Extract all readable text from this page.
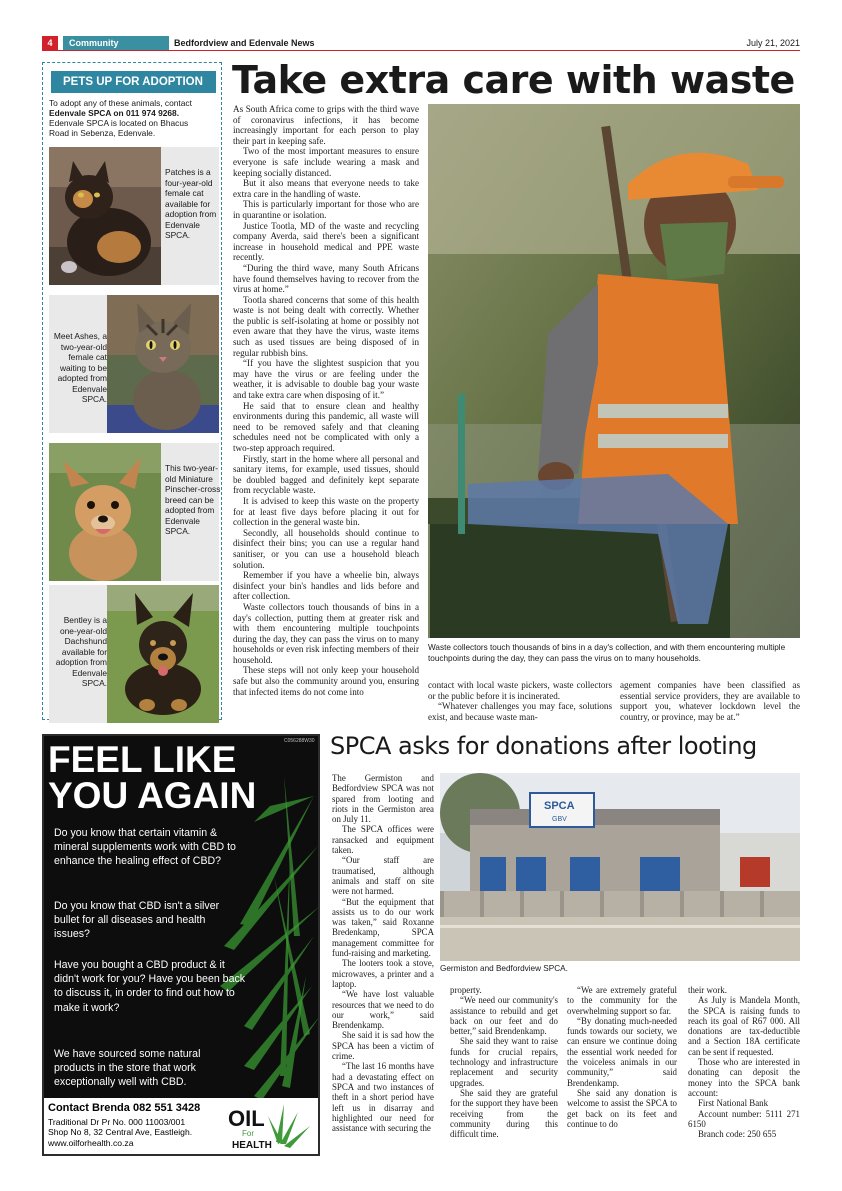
4	Community	Bedfordview and Edenvale News	July 21, 2021
PETS UP FOR ADOPTION
To adopt any of these animals, contact
Edenvale SPCA on 011 974 9268.
Edenvale SPCA is located on Bhacus
Road in Sebenza, Edenvale.
Patches is a four-year-old female cat available for adoption from Edenvale SPCA.
Meet Ashes, a two-year-old female cat waiting to be adopted from Edenvale SPCA.
This two-year-old Miniature Pinscher-cross breed can be adopted from Edenvale SPCA.
Bentley is a one-year-old Dachshund available for adoption from Edenvale SPCA.
Take extra care with waste

As South Africa come to grips with the third wave of coronavirus infections, it has become increasingly important for each person to play their part in keeping safe.

Two of the most important measures to ensure everyone is safe include wearing a mask and keeping socially distanced.

But it also means that everyone needs to take extra care in the handling of waste.

This is particularly important for those who are in quarantine or isolation.

Justice Tootla, MD of the waste and recycling company Averda, said there's been a significant increase in household medical and PPE waste recently.

“During the third wave, many South Africans have found themselves having to recover from the virus at home.”

Tootla shared concerns that some of this health waste is not being dealt with correctly. Whether the public is self-isolating at home or possibly not even aware that they have the virus, waste items such as used tissues are being disposed of in regular rubbish bins.

“If you have the slightest suspicion that you may have the virus or are feeling under the weather, it is advisable to double bag your waste and take extra care when disposing of it.”

He said that to ensure clean and healthy environments during this pandemic, all waste will need to be removed safely and that cleaning schedules need not be complicated with only a two-step approach required.

Firstly, start in the home where all personal and sanitary items, for example, used tissues, should be doubled bagged and definitely kept separate from recyclable waste.

It is advised to keep this waste on the property for at least five days before placing it out for collection in the general waste bin.

Secondly, all households should continue to disinfect their bins; you can use a regular hand sanitiser, or you can use a household bleach solution.

Remember if you have a wheelie bin, always disinfect your bin's handles and lids before and after collection.

Waste collectors touch thousands of bins in a day's collection, putting them at greater risk and with them encountering multiple touchpoints during the day, they can pass the virus on to many households or even risk infecting members of their household.

These steps will not only keep your household safe but also the community around you, ensuring that infected items do not come into

Waste collectors touch thousands of bins in a day's collection, and with them encountering multiple touchpoints during the day, they can pass the virus on to many households.

contact with local waste pickers, waste collectors or the public before it is incinerated.

“Whatever challenges you may face, solutions exist, and because waste man-

agement companies have been classified as essential service providers, they are available to support you, whatever lockdown level the country, or province, may be at.”

C056288W30
FEEL LIKE
YOU AGAIN
Do you know that certain vitamin & mineral supplements work with CBD to enhance the healing effect of CBD?
Do you know that CBD isn't a silver bullet for all diseases and health issues?
Have you bought a CBD product & it didn't work for you? Have you been back to discuss it, in order to find out how to make it work?
We have sourced some natural products in the store that work exceptionally well with CBD.
Contact Brenda 082 551 3428
Traditional Dr Pr No. 000 11003/001
Shop No 8, 32 Central Ave, Eastleigh.
www.oilforhealth.co.za
OIL
For
HEALTH
SPCA asks for donations after looting

The Germiston and Bedfordview SPCA was not spared from looting and riots in the Germiston area on July 11.

The SPCA offices were ransacked and equipment taken.

“Our staff are traumatised, although animals and staff on site were not harmed.

“But the equipment that assists us to do our work was taken,” said Roxanne Bredenkamp, SPCA management committee for fund-raising and marketing.

The looters took a stove, microwaves, a printer and a laptop.

“We have lost valuable resources that we need to do our work,” said Brendenkamp.

She said it is sad how the SPCA has been a victim of crime.

“The last 16 months have had a devastating effect on SPCA and two instances of theft in a short period have left us in disarray and highlighted our need for assistance with securing the

SPCA
GBV
Germiston and Bedfordview SPCA.

property.

“We need our community's assistance to rebuild and get back on our feet and do better,” said Brendenkamp.

She said they want to raise funds for crucial repairs, technology and infrastructure replacement and security upgrades.

She said they are grateful for the support they have been receiving from the community during this difficult time.

“We are extremely grateful to the community for the overwhelming support so far.

“By donating much-needed funds towards our society, we can ensure we continue doing the essential work needed for the voiceless animals in our community,” said Brendenkamp.

She said any donation is welcome to assist the SPCA to get back on its feet and continue to do

their work.

As July is Mandela Month, the SPCA is raising funds to reach its goal of R67 000. All donations are tax-deductible and a Section 18A certificate can be sent if requested.

Those who are interested in donating can deposit the money into the SPCA bank account:

First National Bank

Account number: 5111 271 6150

Branch code: 250 655
